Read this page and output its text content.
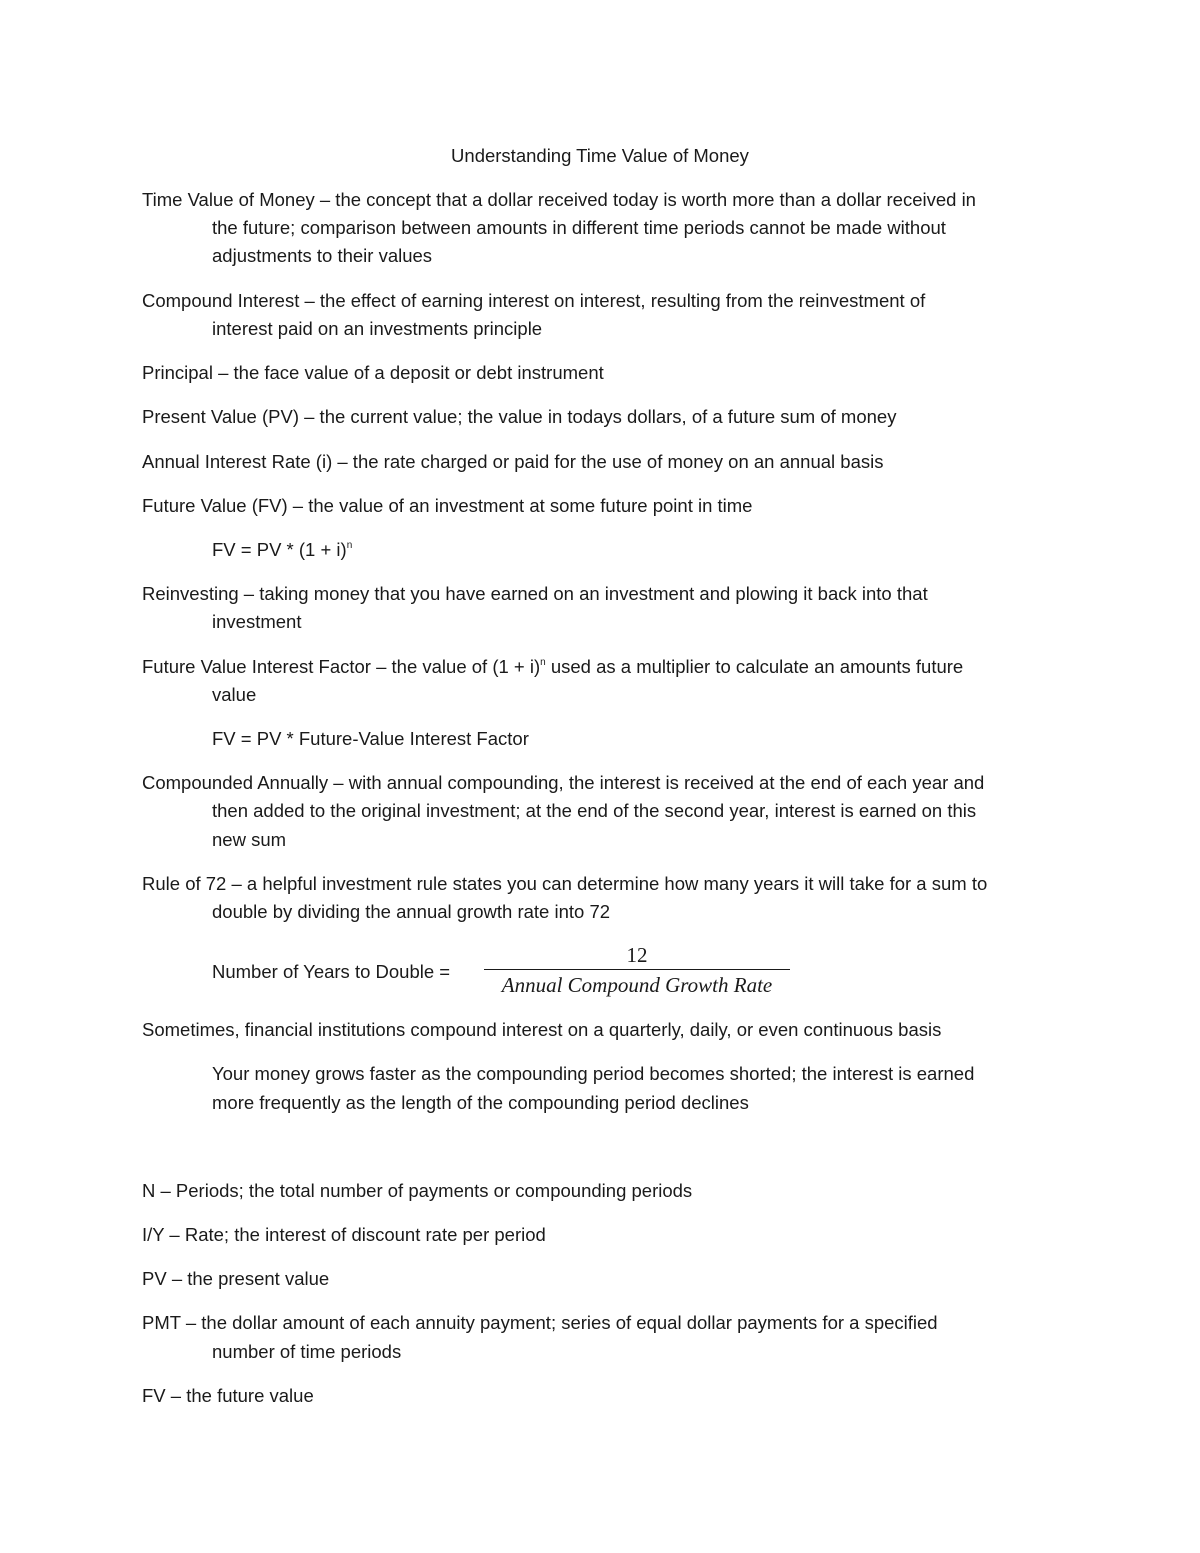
Understanding Time Value of Money
Time Value of Money – the concept that a dollar received today is worth more than a dollar received in
the future; comparison between amounts in different time periods cannot be made without
adjustments to their values
Compound Interest – the effect of earning interest on interest, resulting from the reinvestment of
interest paid on an investments principle
Principal – the face value of a deposit or debt instrument
Present Value (PV) – the current value; the value in todays dollars, of a future sum of money
Annual Interest Rate (i) – the rate charged or paid for the use of money on an annual basis
Future Value (FV) – the value of an investment at some future point in time
FV = PV * $(1 + i)^n$
Reinvesting – taking money that you have earned on an investment and plowing it back into that
investment
Future Value Interest Factor – the value of $(1 + i)^n$ used as a multiplier to calculate an amounts future
value
FV = PV * Future-Value Interest Factor
Compounded Annually – with annual compounding, the interest is received at the end of each year and
then added to the original investment; at the end of the second year, interest is earned on this
new sum
Rule of 72 – a helpful investment rule states you can determine how many years it will take for a sum to
double by dividing the annual growth rate into 72
Number of Years to Double =
12
Annual Compound Growth Rate
Sometimes, financial institutions compound interest on a quarterly, daily, or even continuous basis
Your money grows faster as the compounding period becomes shorted; the interest is earned
more frequently as the length of the compounding period declines
N – Periods; the total number of payments or compounding periods
I/Y – Rate; the interest of discount rate per period
PV – the present value
PMT – the dollar amount of each annuity payment; series of equal dollar payments for a specified
number of time periods
FV – the future value
